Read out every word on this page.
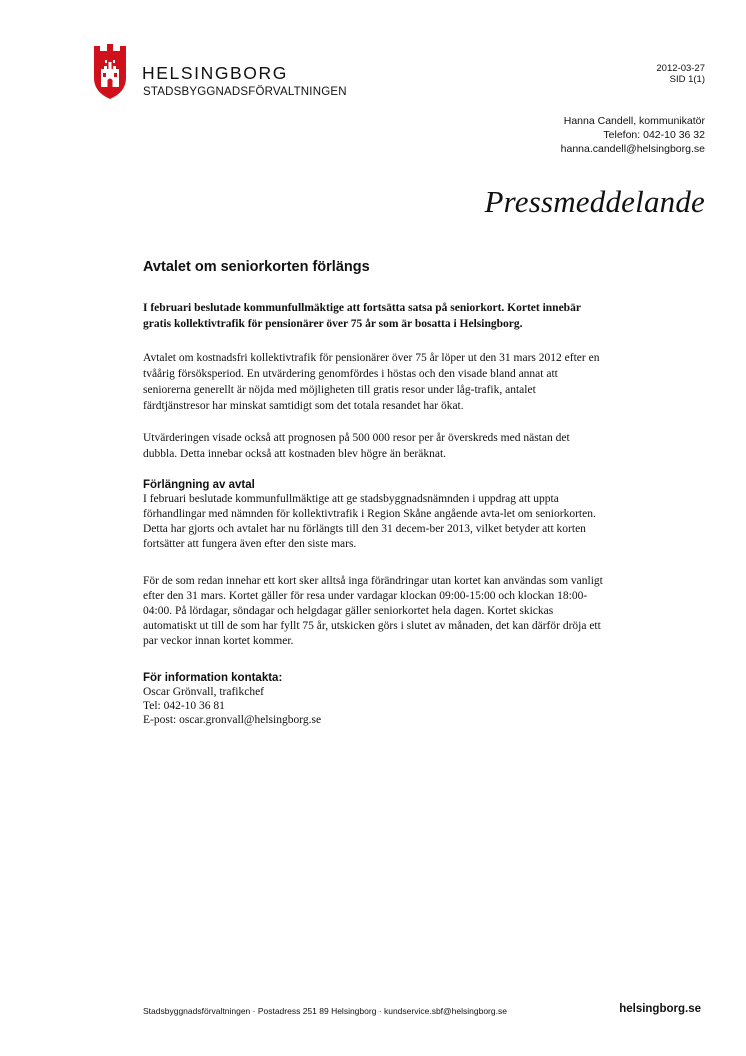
HELSINGBORG
STADSBYGGNADSFÖRVALTNINGEN
2012-03-27
SID 1(1)
Hanna Candell, kommunikatör
Telefon: 042-10 36 32
hanna.candell@helsingborg.se
Pressmeddelande
Avtalet om seniorkorten förlängs

I februari beslutade kommunfullmäktige att fortsätta satsa på seniorkort. Kortet innebär gratis kollektivtrafik för pensionärer över 75 år som är bosatta i Helsingborg.

Avtalet om kostnadsfri kollektivtrafik för pensionärer över 75 år löper ut den 31 mars 2012 efter en tvåårig försöksperiod. En utvärdering genomfördes i höstas och den visade bland annat att seniorerna generellt är nöjda med möjligheten till gratis resor under låg-trafik, antalet färdtjänstresor har minskat samtidigt som det totala resandet har ökat.

Utvärderingen visade också att prognosen på 500 000 resor per år överskreds med nästan det dubbla. Detta innebar också att kostnaden blev högre än beräknat.

Förlängning av avtal

I februari beslutade kommunfullmäktige att ge stadsbyggnadsnämnden i uppdrag att uppta förhandlingar med nämnden för kollektivtrafik i Region Skåne angående avta-let om seniorkorten. Detta har gjorts och avtalet har nu förlängts till den 31 decem-ber 2013, vilket betyder att korten fortsätter att fungera även efter den siste mars.

För de som redan innehar ett kort sker alltså inga förändringar utan kortet kan användas som vanligt efter den 31 mars. Kortet gäller för resa under vardagar klockan 09:00-15:00 och klockan 18:00-04:00. På lördagar, söndagar och helgdagar gäller seniorkortet hela dagen. Kortet skickas automatiskt ut till de som har fyllt 75 år, utskicken görs i slutet av månaden, det kan därför dröja ett par veckor innan kortet kommer.

För information kontakta:
Oscar Grönvall, trafikchef
Tel: 042-10 36 81
E-post: oscar.gronvall@helsingborg.se
Stadsbyggnadsförvaltningen · Postadress 251 89 Helsingborg · kundservice.sbf@helsingborg.se	helsingborg.se
